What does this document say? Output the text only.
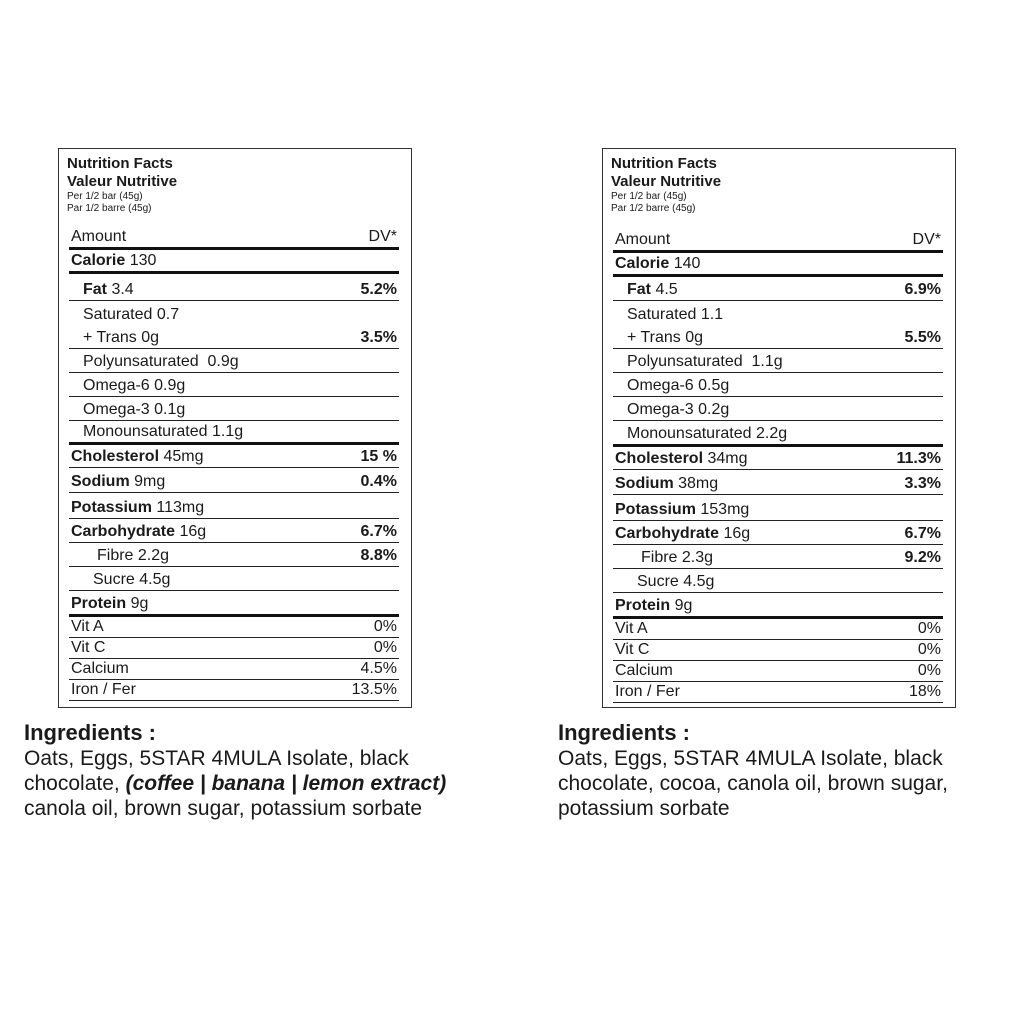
Nutrition Facts
Valeur Nutritive
Per 1/2 bar (45g)
Par 1/2 barre (45g)
Amount	DV*
Calorie 130
Fat 3.4	5.2%
Saturated 0.7
+ Trans 0g	3.5%
Polyunsaturated 0.9g
Omega-6 0.9g
Omega-3 0.1g
Monounsaturated 1.1g
Cholesterol 45mg	15 %
Sodium 9mg	0.4%
Potassium 113mg
Carbohydrate 16g	6.7%
Fibre 2.2g	8.8%
Sucre 4.5g
Protein 9g
Vit A	0%
Vit C	0%
Calcium	4.5%
Iron / Fer	13.5%
Ingredients :
Oats, Eggs, 5STAR 4MULA Isolate, black chocolate, (coffee | banana | lemon extract) canola oil, brown sugar, potassium sorbate
Nutrition Facts
Valeur Nutritive
Per 1/2 bar (45g)
Par 1/2 barre (45g)
Amount	DV*
Calorie 140
Fat 4.5	6.9%
Saturated 1.1
+ Trans 0g	5.5%
Polyunsaturated 1.1g
Omega-6 0.5g
Omega-3 0.2g
Monounsaturated 2.2g
Cholesterol 34mg	11.3%
Sodium 38mg	3.3%
Potassium 153mg
Carbohydrate 16g	6.7%
Fibre 2.3g	9.2%
Sucre 4.5g
Protein 9g
Vit A	0%
Vit C	0%
Calcium	0%
Iron / Fer	18%
Ingredients :
Oats, Eggs, 5STAR 4MULA Isolate, black chocolate, cocoa, canola oil, brown sugar, potassium sorbate
